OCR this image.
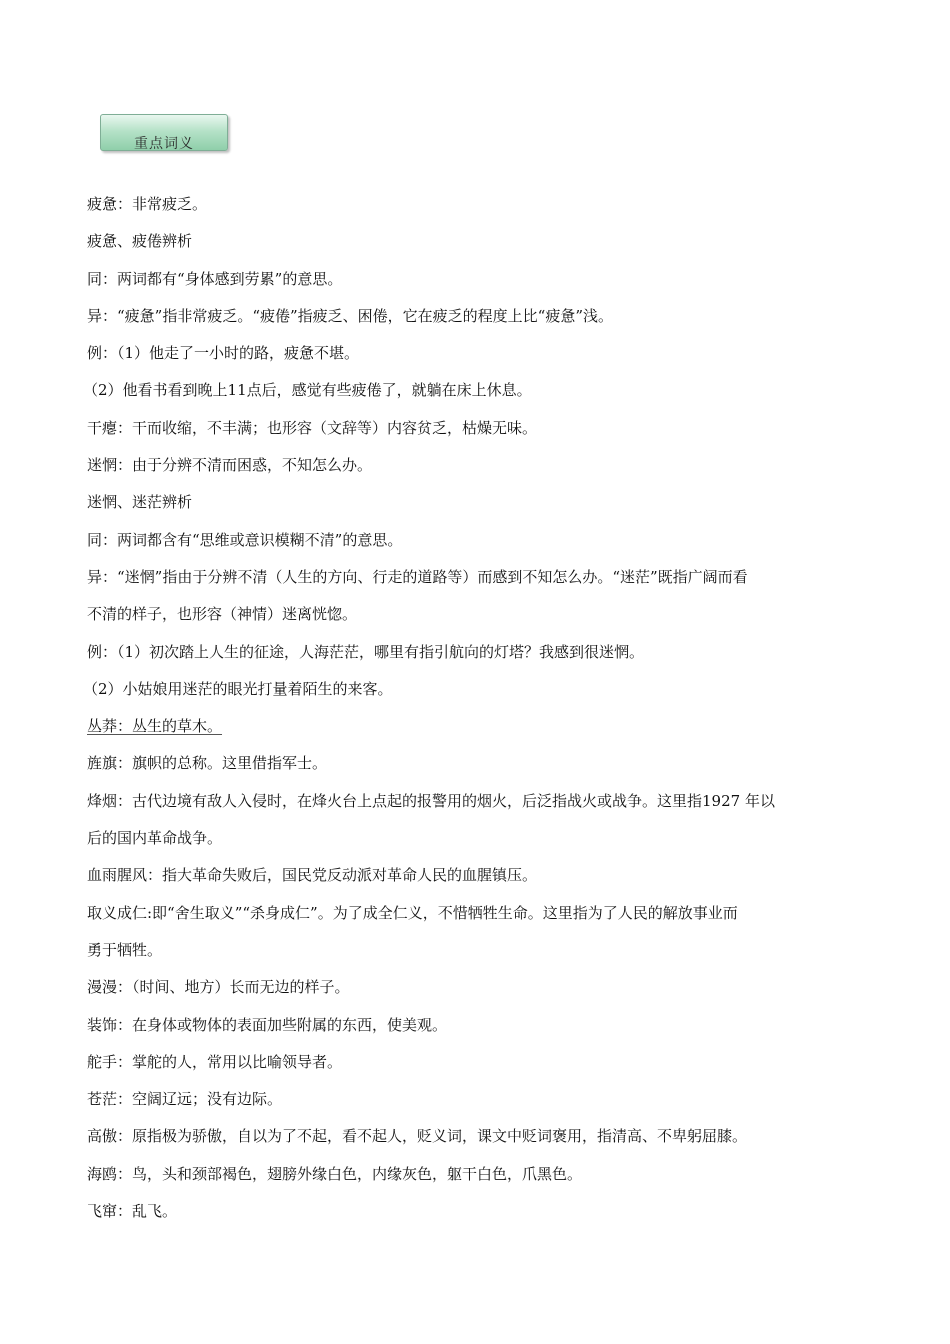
重点词义
疲惫：非常疲乏。
疲惫、疲倦辨析
同：两词都有“身体感到劳累”的意思。
异：“疲惫”指非常疲乏。“疲倦”指疲乏、困倦，它在疲乏的程度上比“疲惫”浅。
例：（1）他走了一小时的路，疲惫不堪。
（2）他看书看到晚上11点后，感觉有些疲倦了，就躺在床上休息。
干瘪：干而收缩，不丰满；也形容（文辞等）内容贫乏，枯燥无味。
迷惘：由于分辨不清而困惑，不知怎么办。
迷惘、迷茫辨析
同：两词都含有“思维或意识模糊不清”的意思。
异：“迷惘”指由于分辨不清（人生的方向、行走的道路等）而感到不知怎么办。“迷茫”既指广阔而看
不清的样子，也形容（神情）迷离恍惚。
例：（1）初次踏上人生的征途，人海茫茫，哪里有指引航向的灯塔？我感到很迷惘。
（2）小姑娘用迷茫的眼光打量着陌生的来客。
丛莽：丛生的草木。
旌旗：旗帜的总称。这里借指军士。
烽烟：古代边境有敌人入侵时，在烽火台上点起的报警用的烟火，后泛指战火或战争。这里指1927 年以
后的国内革命战争。
血雨腥风：指大革命失败后，国民党反动派对革命人民的血腥镇压。
取义成仁:即“舍生取义”“杀身成仁”。为了成全仁义，不惜牺牲生命。这里指为了人民的解放事业而
勇于牺牲。
漫漫：（时间、地方）长而无边的样子。
装饰：在身体或物体的表面加些附属的东西，使美观。
舵手：掌舵的人，常用以比喻领导者。
苍茫：空阔辽远；没有边际。
高傲：原指极为骄傲，自以为了不起，看不起人，贬义词，课文中贬词褒用，指清高、不卑躬屈膝。
海鸥：鸟，头和颈部褐色，翅膀外缘白色，内缘灰色，躯干白色，爪黑色。
飞窜：乱飞。
